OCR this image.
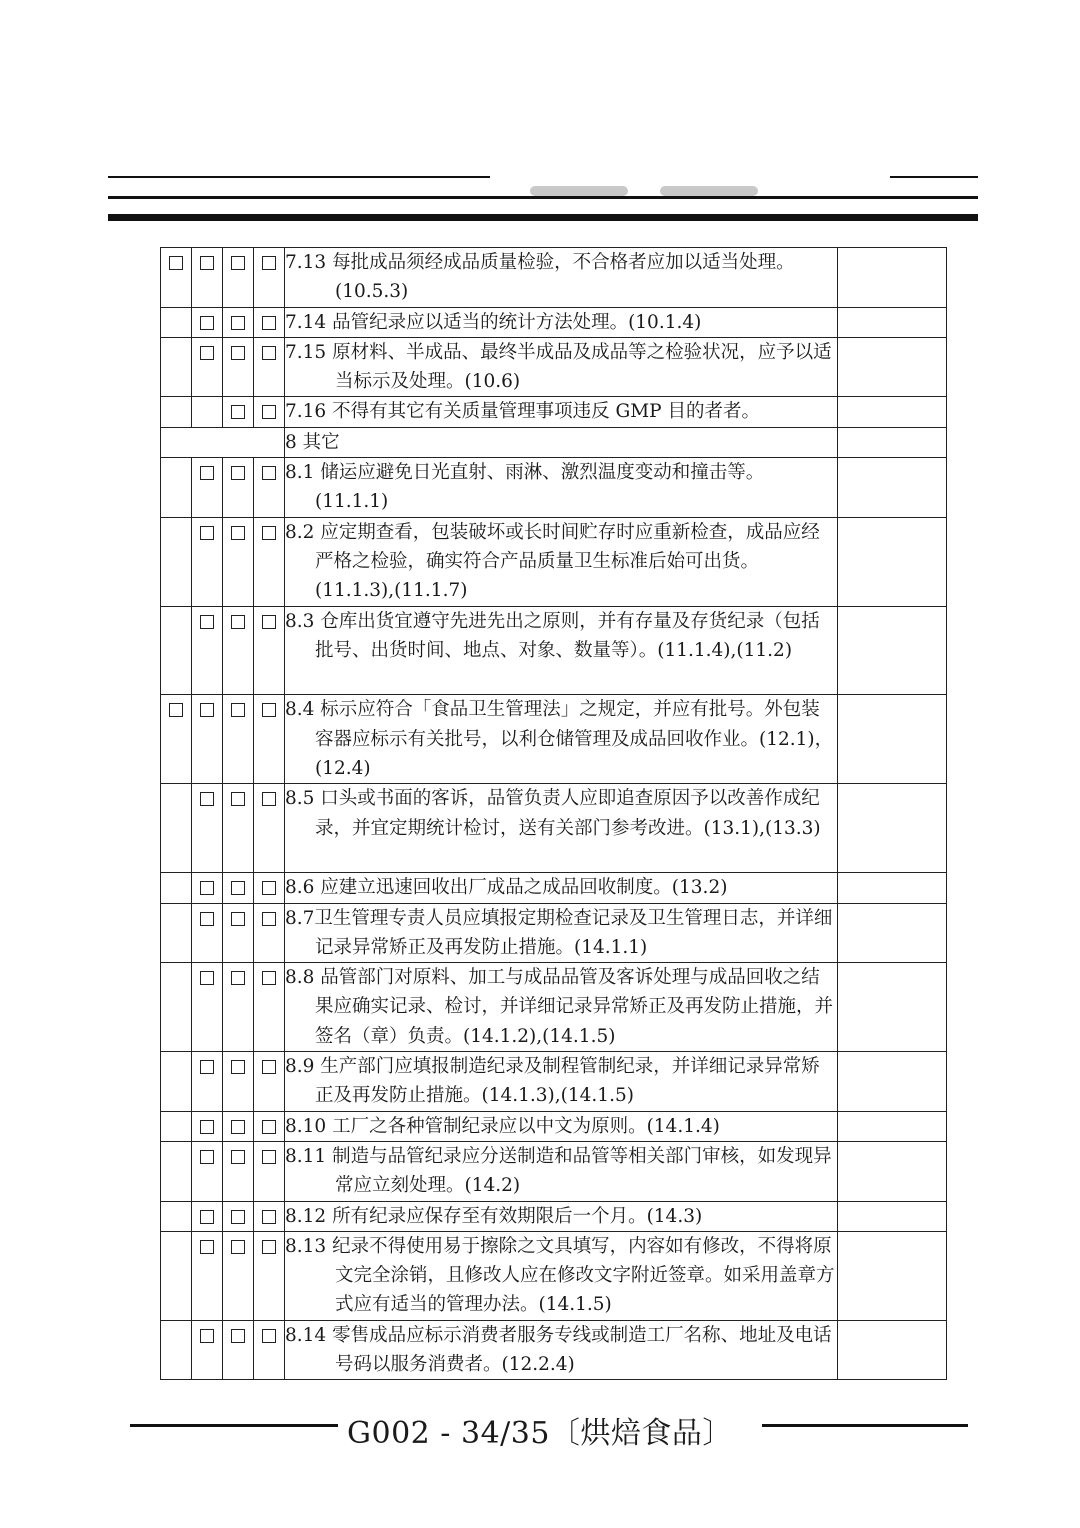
				7.13 每批成品须经成品质量检验，不合格者应加以适当处理。(10.5.3)	

				7.14 品管纪录应以适当的统计方法处理。(10.1.4)	

				7.15 原材料、半成品、最终半成品及成品等之检验状况，应予以适当标示及处理。(10.6)	

				7.16 不得有其它有关质量管理事项违反 GMP 目的者者。	

				8 其它	

				8.1 储运应避免日光直射、雨淋、激烈温度变动和撞击等。(11.1.1)	

				8.2 应定期查看，包装破坏或长时间贮存时应重新检查，成品应经严格之检验，确实符合产品质量卫生标准后始可出货。(11.1.3),(11.1.7)	

				8.3 仓库出货宜遵守先进先出之原则，并有存量及存货纪录（包括批号、出货时间、地点、对象、数量等）。(11.1.4),(11.2)	

				8.4 标示应符合「食品卫生管理法」之规定，并应有批号。外包装容器应标示有关批号，以利仓储管理及成品回收作业。(12.1)，(12.4)	

				8.5 口头或书面的客诉，品管负责人应即追查原因予以改善作成纪录，并宜定期统计检讨，送有关部门参考改进。(13.1),(13.3)	

				8.6 应建立迅速回收出厂成品之成品回收制度。(13.2)	

				8.7卫生管理专责人员应填报定期检查记录及卫生管理日志，并详细记录异常矫正及再发防止措施。(14.1.1)	

				8.8 品管部门对原料、加工与成品品管及客诉处理与成品回收之结果应确实记录、检讨，并详细记录异常矫正及再发防止措施，并签名（章）负责。(14.1.2),(14.1.5)	

				8.9 生产部门应填报制造纪录及制程管制纪录，并详细记录异常矫正及再发防止措施。(14.1.3),(14.1.5)	

				8.10 工厂之各种管制纪录应以中文为原则。(14.1.4)	

				8.11 制造与品管纪录应分送制造和品管等相关部门审核，如发现异常应立刻处理。(14.2)	

				8.12 所有纪录应保存至有效期限后一个月。(14.3)	

				8.13 纪录不得使用易于擦除之文具填写，内容如有修改，不得将原文完全涂销，且修改人应在修改文字附近签章。如采用盖章方式应有适当的管理办法。(14.1.5)	

				8.14 零售成品应标示消费者服务专线或制造工厂名称、地址及电话号码以服务消费者。(12.2.4)	

G002 - 34/35〔烘焙食品〕
